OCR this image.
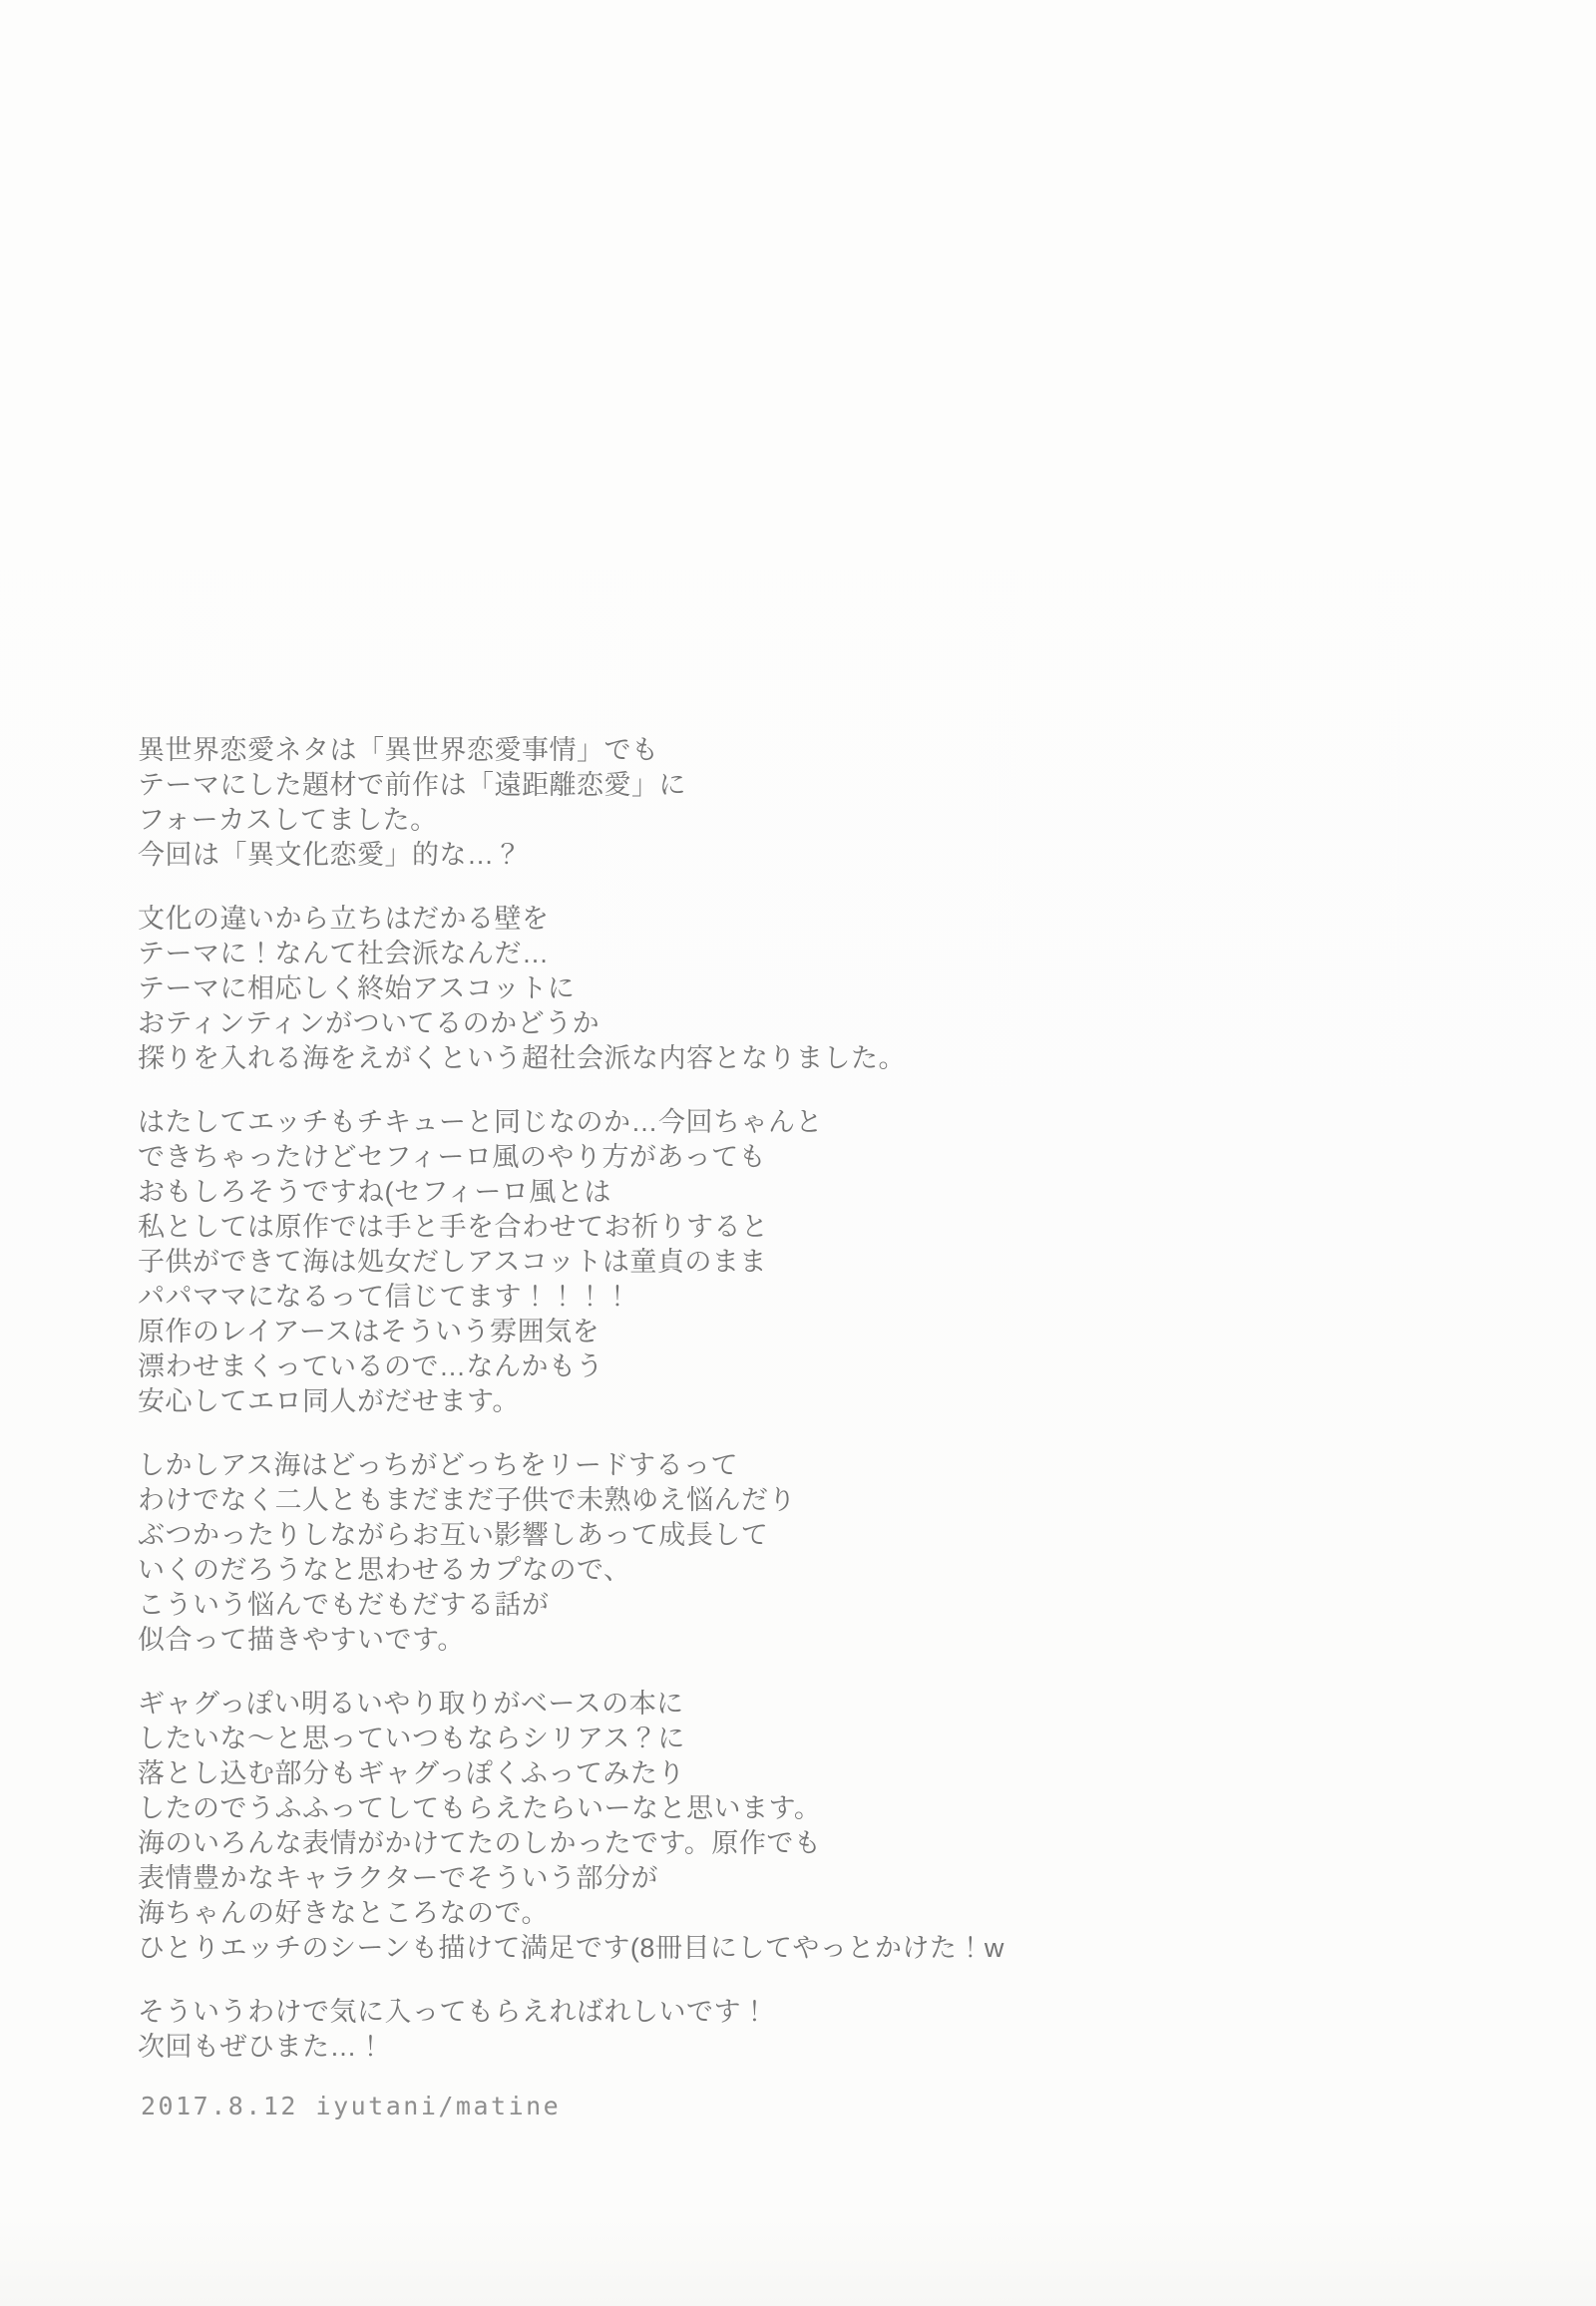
異世界恋愛ネタは「異世界恋愛事情」でも
テーマにした題材で前作は「遠距離恋愛」に
フォーカスしてました。
今回は「異文化恋愛」的な…？
文化の違いから立ちはだかる壁を
テーマに！なんて社会派なんだ…
テーマに相応しく終始アスコットに
おティンティンがついてるのかどうか
探りを入れる海をえがくという超社会派な内容となりました。
はたしてエッチもチキューと同じなのか…今回ちゃんと
できちゃったけどセフィーロ風のやり方があっても
おもしろそうですね(セフィーロ風とは
私としては原作では手と手を合わせてお祈りすると
子供ができて海は処女だしアスコットは童貞のまま
パパママになるって信じてます！！！！
原作のレイアースはそういう雰囲気を
漂わせまくっているので…なんかもう
安心してエロ同人がだせます。
しかしアス海はどっちがどっちをリードするって
わけでなく二人ともまだまだ子供で未熟ゆえ悩んだり
ぶつかったりしながらお互い影響しあって成長して
いくのだろうなと思わせるカプなので、
こういう悩んでもだもだする話が
似合って描きやすいです。
ギャグっぽい明るいやり取りがベースの本に
したいな〜と思っていつもならシリアス？に
落とし込む部分もギャグっぽくふってみたり
したのでうふふってしてもらえたらいーなと思います。
海のいろんな表情がかけてたのしかったです。原作でも
表情豊かなキャラクターでそういう部分が
海ちゃんの好きなところなので。
ひとりエッチのシーンも描けて満足です(8冊目にしてやっとかけた！w
そういうわけで気に入ってもらえればれしいです！
次回もぜひまた…！
2017.8.12 iyutani/matine
